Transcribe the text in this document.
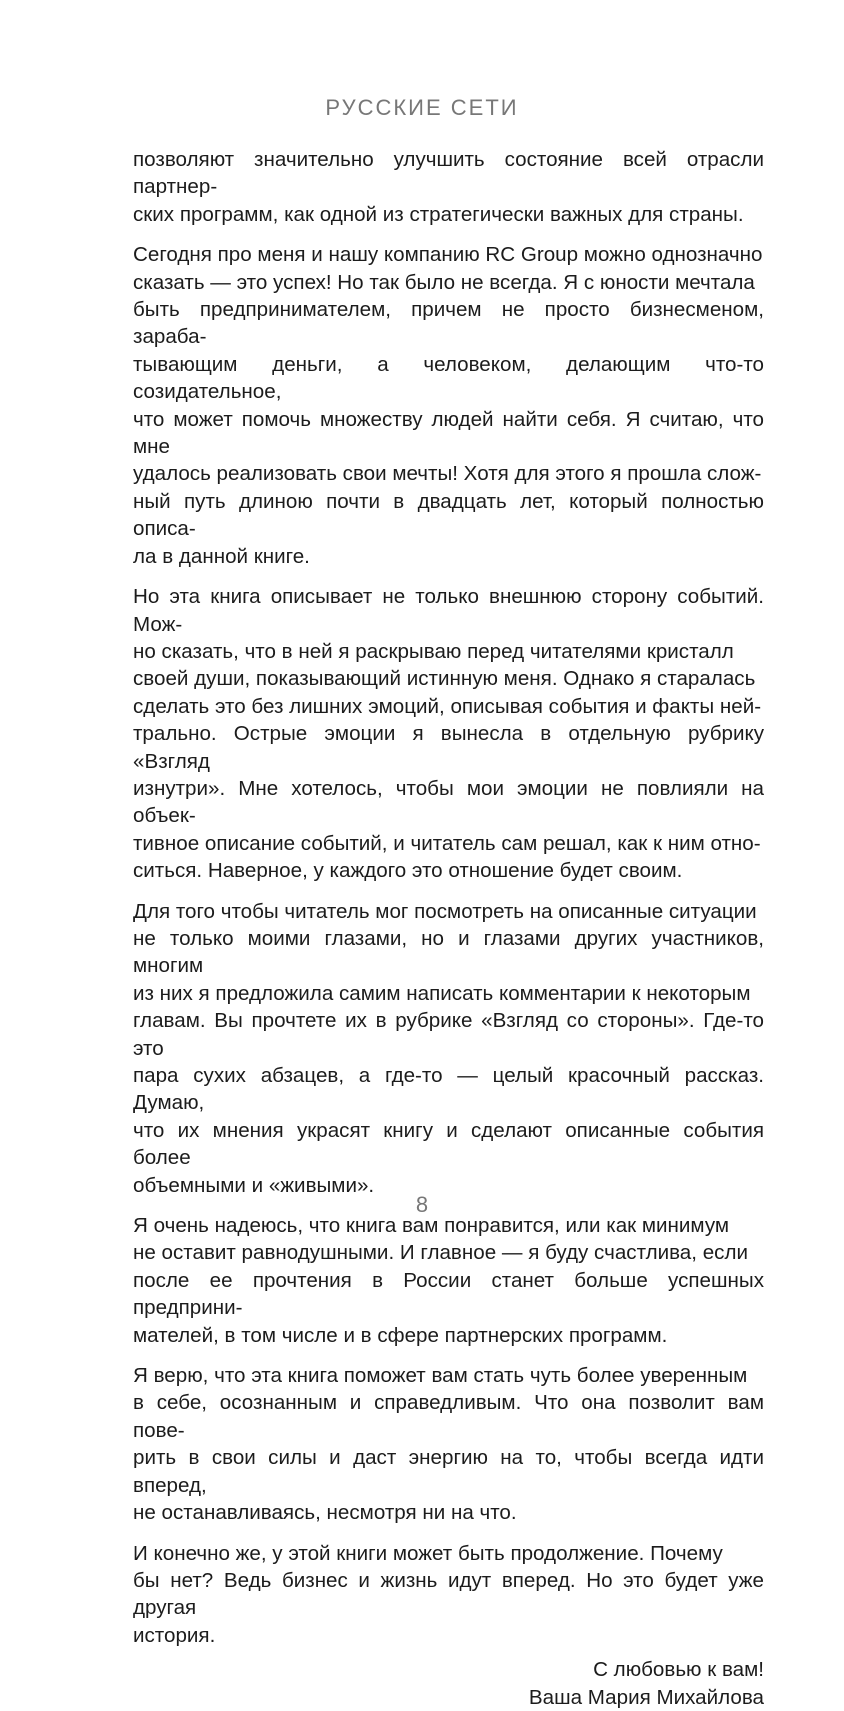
РУССКИЕ СЕТИ

позволяют значительно улучшить состояние всей отрасли партнер-
ских программ, как одной из стратегически важных для страны.

Сегодня про меня и нашу компанию RC Group можно однозначно
сказать — это успех! Но так было не всегда. Я с юности мечтала
быть предпринимателем, причем не просто бизнесменом, зараба-
тывающим деньги, а человеком, делающим что-то созидательное,
что может помочь множеству людей найти себя. Я считаю, что мне
удалось реализовать свои мечты! Хотя для этого я прошла слож-
ный путь длиною почти в двадцать лет, который полностью описа-
ла в данной книге.

Но эта книга описывает не только внешнюю сторону событий. Мож-
но сказать, что в ней я раскрываю перед читателями кристалл
своей души, показывающий истинную меня. Однако я старалась
сделать это без лишних эмоций, описывая события и факты ней-
трально. Острые эмоции я вынесла в отдельную рубрику «Взгляд
изнутри». Мне хотелось, чтобы мои эмоции не повлияли на объек-
тивное описание событий, и читатель сам решал, как к ним отно-
ситься. Наверное, у каждого это отношение будет своим.

Для того чтобы читатель мог посмотреть на описанные ситуации
не только моими глазами, но и глазами других участников, многим
из них я предложила самим написать комментарии к некоторым
главам. Вы прочтете их в рубрике «Взгляд со стороны». Где-то это
пара сухих абзацев, а где-то — целый красочный рассказ. Думаю,
что их мнения украсят книгу и сделают описанные события более
объемными и «живыми».

Я очень надеюсь, что книга вам понравится, или как минимум
не оставит равнодушными. И главное — я буду счастлива, если
после ее прочтения в России станет больше успешных предприни-
мателей, в том числе и в сфере партнерских программ.

Я верю, что эта книга поможет вам стать чуть более уверенным
в себе, осознанным и справедливым. Что она позволит вам пове-
рить в свои силы и даст энергию на то, чтобы всегда идти вперед,
не останавливаясь, несмотря ни на что.

И конечно же, у этой книги может быть продолжение. Почему
бы нет? Ведь бизнес и жизнь идут вперед. Но это будет уже другая
история.

С любовью к вам!
Ваша Мария Михайлова
8
